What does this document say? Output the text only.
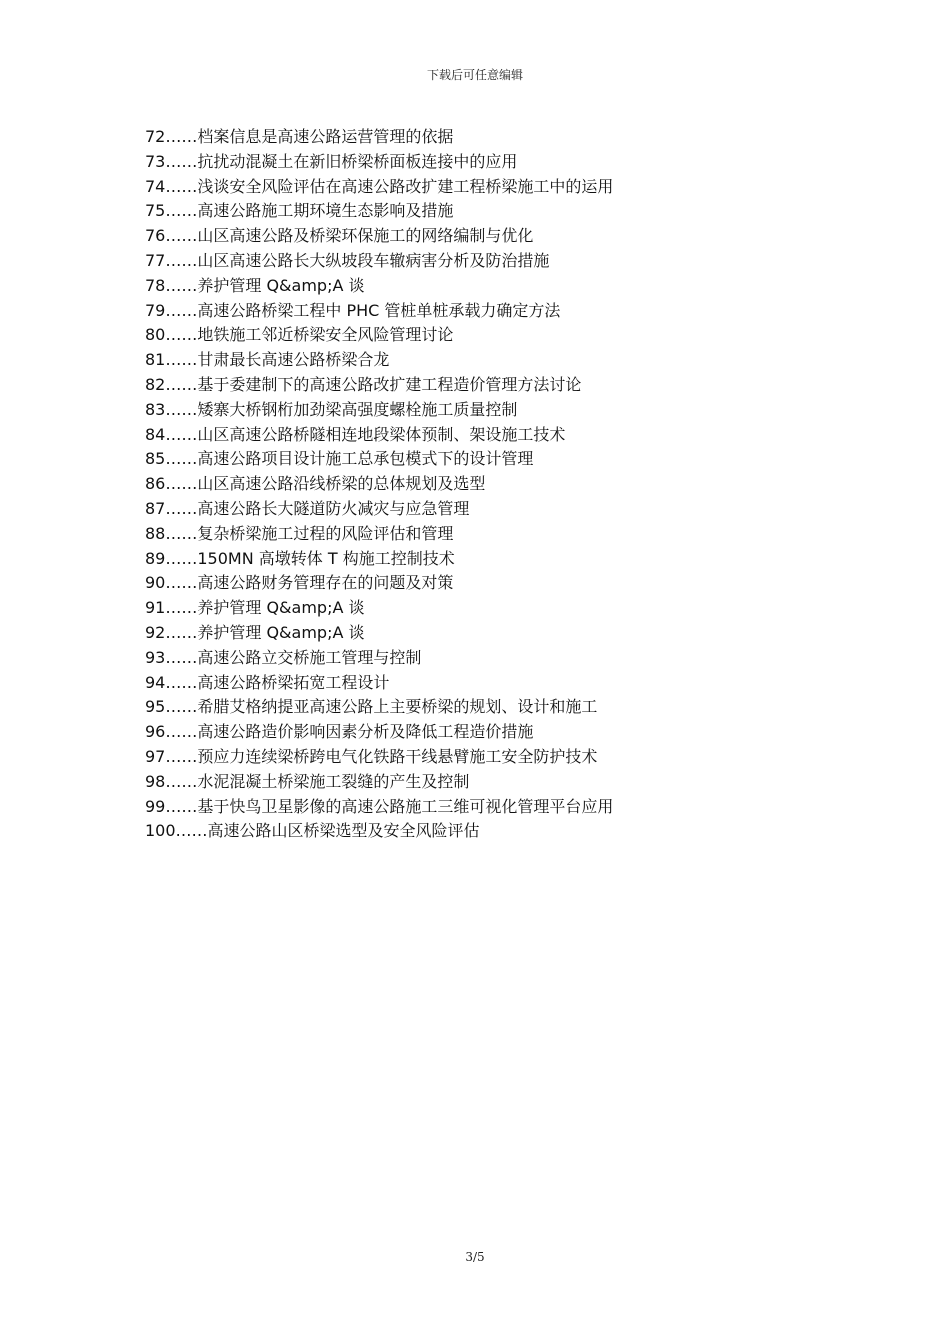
下载后可任意编辑
72……档案信息是高速公路运营管理的依据
73……抗扰动混凝土在新旧桥梁桥面板连接中的应用
74……浅谈安全风险评估在高速公路改扩建工程桥梁施工中的运用
75……高速公路施工期环境生态影响及措施
76……山区高速公路及桥梁环保施工的网络编制与优化
77……山区高速公路长大纵坡段车辙病害分析及防治措施
78……养护管理 Q&amp;A 谈
79……高速公路桥梁工程中 PHC 管桩单桩承载力确定方法
80……地铁施工邻近桥梁安全风险管理讨论
81……甘肃最长高速公路桥梁合龙
82……基于委建制下的高速公路改扩建工程造价管理方法讨论
83……矮寨大桥钢桁加劲梁高强度螺栓施工质量控制
84……山区高速公路桥隧相连地段梁体预制、架设施工技术
85……高速公路项目设计施工总承包模式下的设计管理
86……山区高速公路沿线桥梁的总体规划及选型
87……高速公路长大隧道防火减灾与应急管理
88……复杂桥梁施工过程的风险评估和管理
89……150MN 高墩转体 T 构施工控制技术
90……高速公路财务管理存在的问题及对策
91……养护管理 Q&amp;A 谈
92……养护管理 Q&amp;A 谈
93……高速公路立交桥施工管理与控制
94……高速公路桥梁拓宽工程设计
95……希腊艾格纳提亚高速公路上主要桥梁的规划、设计和施工
96……高速公路造价影响因素分析及降低工程造价措施
97……预应力连续梁桥跨电气化铁路干线悬臂施工安全防护技术
98……水泥混凝土桥梁施工裂缝的产生及控制
99……基于快鸟卫星影像的高速公路施工三维可视化管理平台应用
100……高速公路山区桥梁选型及安全风险评估
3/5
